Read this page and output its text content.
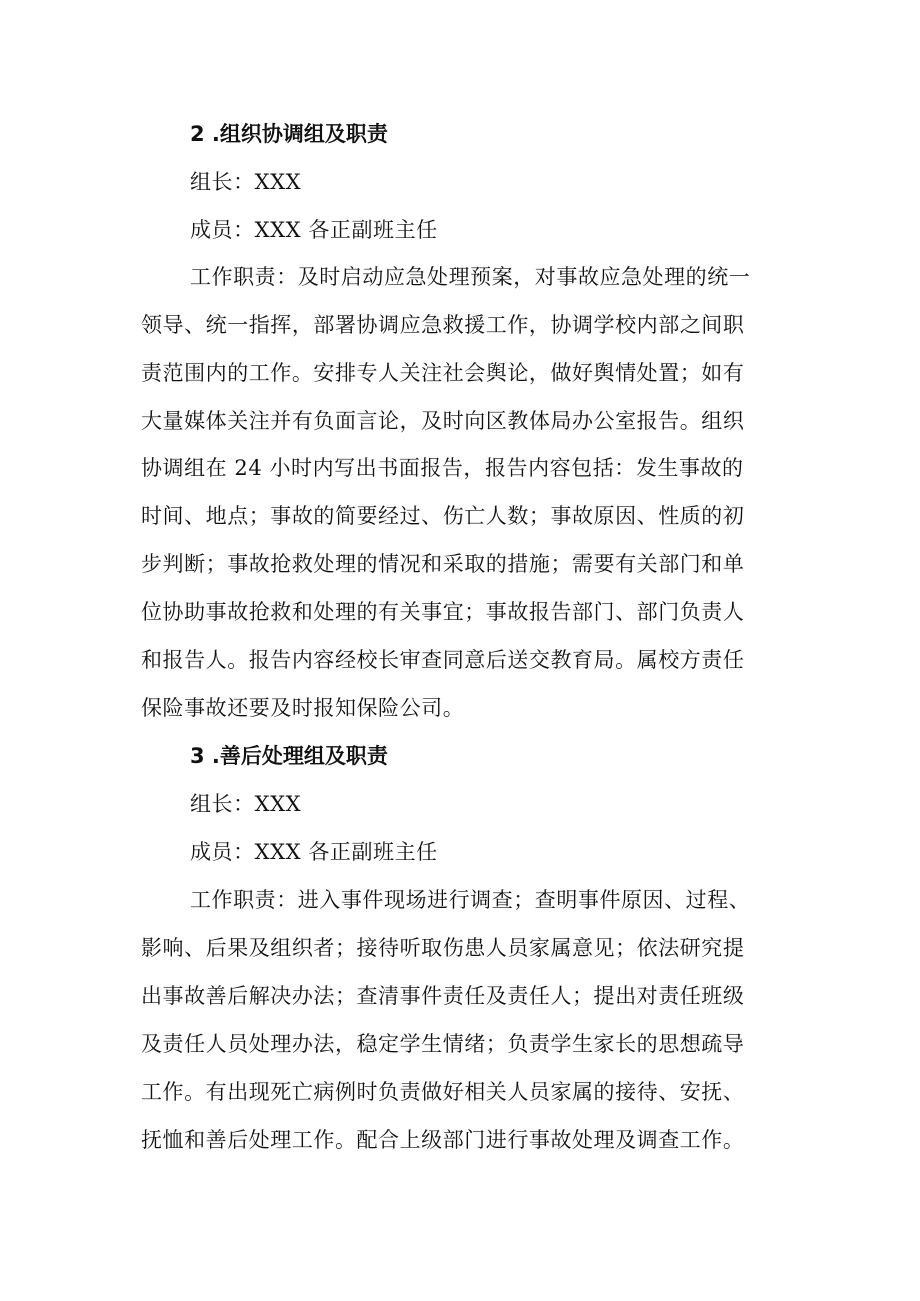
2 .组织协调组及职责
组长：XXX
成员：XXX 各正副班主任
工作职责：及时启动应急处理预案，对事故应急处理的统一
领导、统一指挥，部署协调应急救援工作，协调学校内部之间职
责范围内的工作。安排专人关注社会舆论，做好舆情处置；如有
大量媒体关注并有负面言论，及时向区教体局办公室报告。组织
协调组在 24 小时内写出书面报告，报告内容包括：发生事故的
时间、地点；事故的简要经过、伤亡人数；事故原因、性质的初
步判断；事故抢救处理的情况和采取的措施；需要有关部门和单
位协助事故抢救和处理的有关事宜；事故报告部门、部门负责人
和报告人。报告内容经校长审查同意后送交教育局。属校方责任
保险事故还要及时报知保险公司。
3 .善后处理组及职责
组长：XXX
成员：XXX 各正副班主任
工作职责：进入事件现场进行调查；查明事件原因、过程、
影响、后果及组织者；接待听取伤患人员家属意见；依法研究提
出事故善后解决办法；查清事件责任及责任人；提出对责任班级
及责任人员处理办法，稳定学生情绪；负责学生家长的思想疏导
工作。有出现死亡病例时负责做好相关人员家属的接待、安抚、
抚恤和善后处理工作。配合上级部门进行事故处理及调查工作。
